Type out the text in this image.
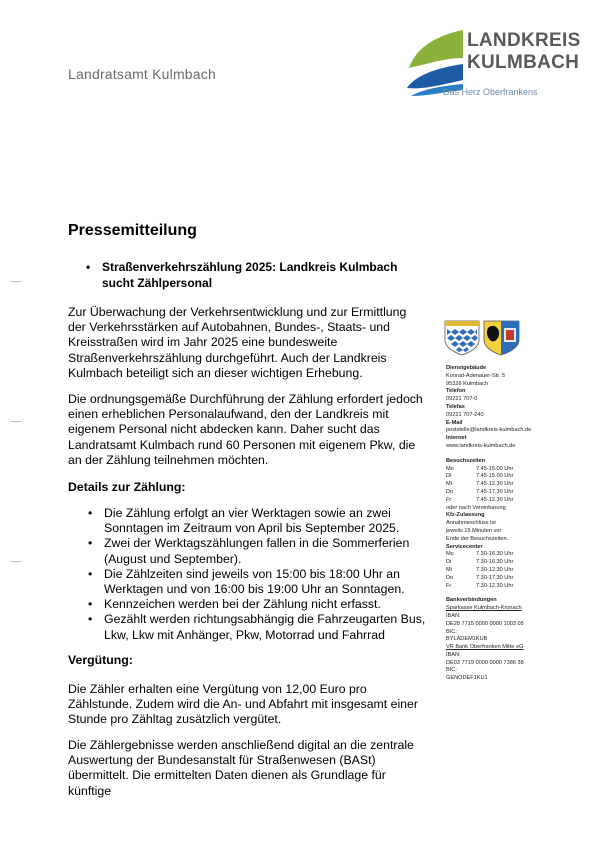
Landratsamt Kulmbach
LANDKREIS
KULMBACH
Das Herz Oberfrankens
Pressemitteilung
• Straßenverkehrszählung 2025: Landkreis Kulmbach sucht Zählpersonal
Zur Überwachung der Verkehrsentwicklung und zur Ermittlung der Verkehrsstärken auf Autobahnen, Bundes-, Staats- und Kreisstraßen wird im Jahr 2025 eine bundesweite Straßenverkehrszählung durchgeführt. Auch der Landkreis Kulmbach beteiligt sich an dieser wichtigen Erhebung.
Die ordnungsgemäße Durchführung der Zählung erfordert jedoch einen erheblichen Personalaufwand, den der Landkreis mit eigenem Personal nicht abdecken kann. Daher sucht das Landratsamt Kulmbach rund 60 Personen mit eigenem Pkw, die an der Zählung teilnehmen möchten.
Details zur Zählung:
• Die Zählung erfolgt an vier Werktagen sowie an zwei Sonntagen im Zeitraum von April bis September 2025.
• Zwei der Werktagszählungen fallen in die Sommerferien (August und September).
• Die Zählzeiten sind jeweils von 15:00 bis 18:00 Uhr an Werktagen und von 16:00 bis 19:00 Uhr an Sonntagen.
• Kennzeichen werden bei der Zählung nicht erfasst.
• Gezählt werden richtungsabhängig die Fahrzeugarten Bus, Lkw, Lkw mit Anhänger, Pkw, Motorrad und Fahrrad
Vergütung:
Die Zähler erhalten eine Vergütung von 12,00 Euro pro Zählstunde. Zudem wird die An- und Abfahrt mit insgesamt einer Stunde pro Zähltag zusätzlich vergütet.
Die Zählergebnisse werden anschließend digital an die zentrale Auswertung der Bundesanstalt für Straßenwesen (BASt) übermittelt. Die ermittelten Daten dienen als Grundlage für künftige
Dienstgebäude
Konrad-Adenauer-Str. 5
95326 Kulmbach
Telefon
09221 707-0
Telefax
09221 707-240
E-Mail
poststelle@landkreis-kulmbach.de
Internet
www.landkreis-kulmbach.de
Besuchszeiten
Mo	7.45-15.00 Uhr
Di	7.45-15.00 Uhr
Mi	7.45-12.30 Uhr
Do	7.45-17.30 Uhr
Fr	7.45-12.30 Uhr
oder nach Vereinbarung
Kfz-Zulassung
Annahmeschluss ist
jeweils 15 Minuten vor
Ende der Besuchszeiten.
Servicecenter
Mo	7.30-16.30 Uhr
Di	7.30-16.30 Uhr
Mi	7.30-12.30 Uhr
Do	7.30-17.30 Uhr
Fr	7.30-12.30 Uhr
Bankverbindungen
Sparkasse Kulmbach-Kronach
IBAN:
DE28 7715 0000 0000 1003 05
BIC:
BYLADEM1KUB
VR Bank Oberfranken Mitte eG
IBAN:
DE03 7719 0000 0000 7386 38
BIC:
GENODEF1KU1
